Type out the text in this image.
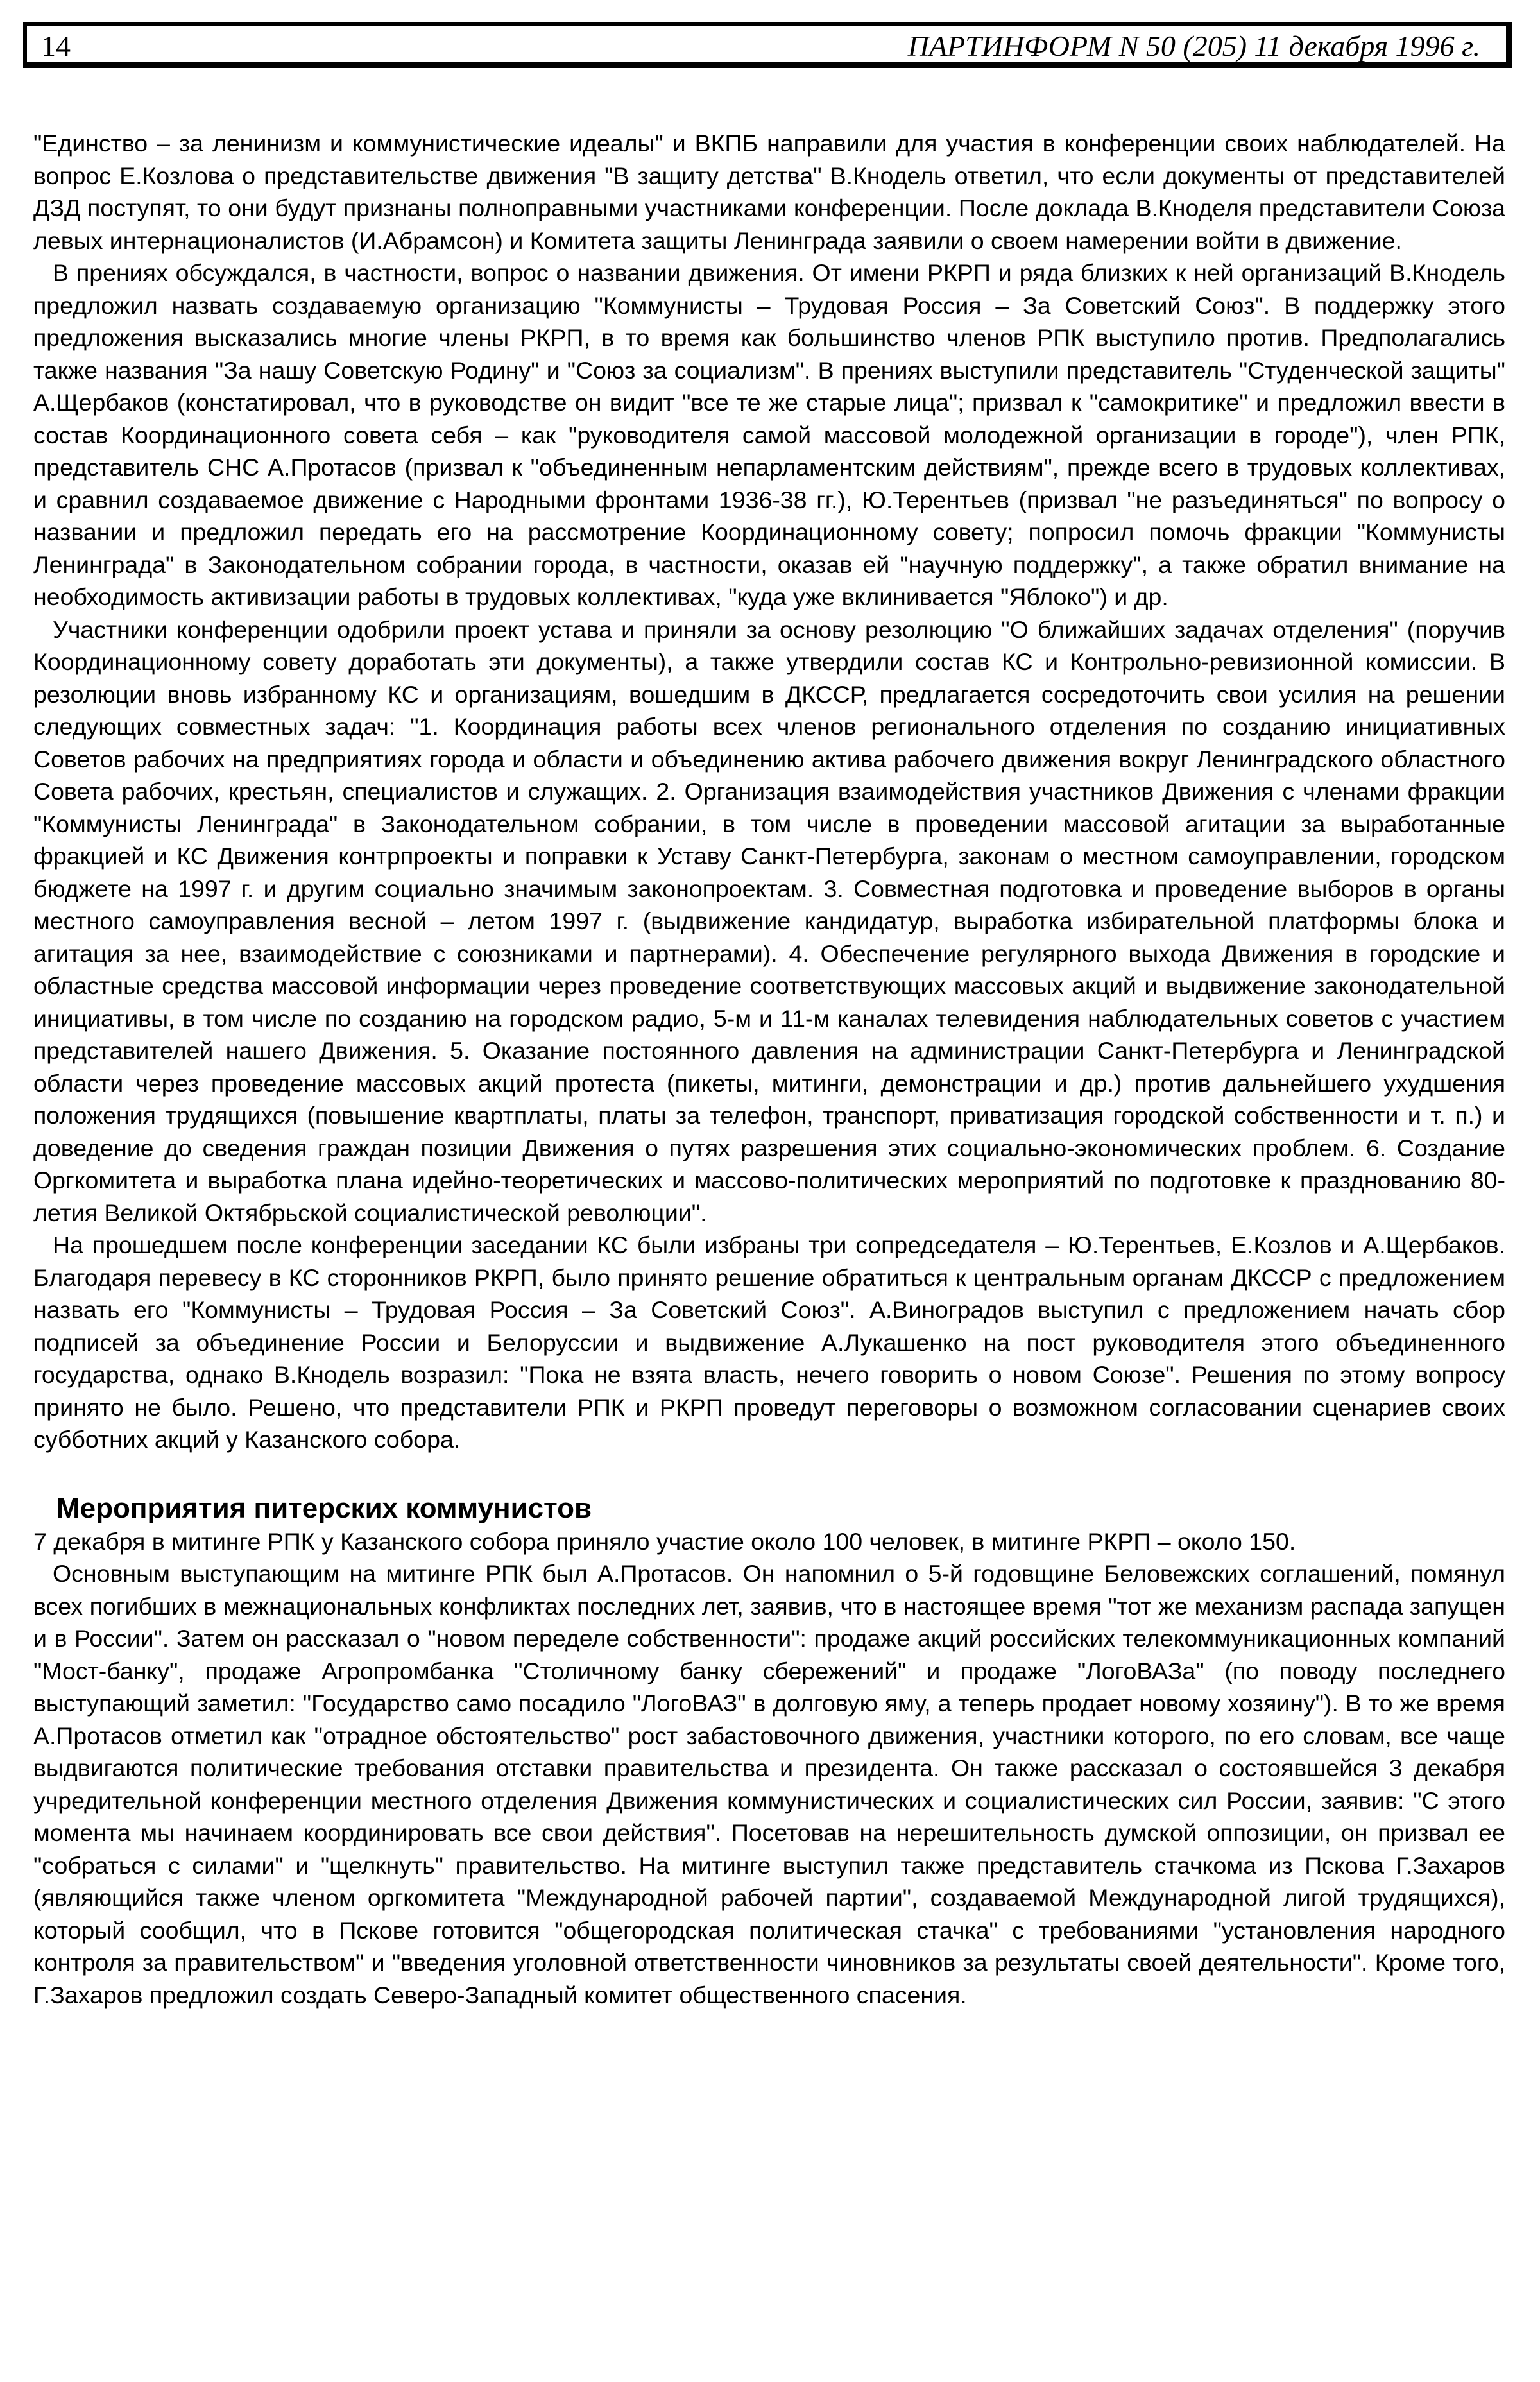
14	ПАРТИНФОРМ N 50 (205) 11 декабря 1996 г.

"Единство – за ленинизм и коммунистические идеалы" и ВКПБ направили для участия в конференции своих наблюдателей. На вопрос Е.Козлова о представительстве движения "В защиту детства" В.Кнодель ответил, что если документы от представителей ДЗД поступят, то они будут признаны полноправными участниками конференции. После доклада В.Кноделя представители Союза левых интернационалистов (И.Абрамсон) и Комитета защиты Ленинграда заявили о своем намерении войти в движение.

В прениях обсуждался, в частности, вопрос о названии движения. От имени РКРП и ряда близких к ней организаций В.Кнодель предложил назвать создаваемую организацию "Коммунисты – Трудовая Россия – За Советский Союз". В поддержку этого предложения высказались многие члены РКРП, в то время как большинство членов РПК выступило против. Предполагались также названия "За нашу Советскую Родину" и "Союз за социализм". В прениях выступили представитель "Студенческой защиты" А.Щербаков (констатировал, что в руководстве он видит "все те же старые лица"; призвал к "самокритике" и предложил ввести в состав Координационного совета себя – как "руководителя самой массовой молодежной организации в городе"), член РПК, представитель СНС А.Протасов (призвал к "объединенным непарламентским действиям", прежде всего в трудовых коллективах, и сравнил создаваемое движение с Народными фронтами 1936-38 гг.), Ю.Терентьев (призвал "не разъединяться" по вопросу о названии и предложил передать его на рассмотрение Координационному совету; попросил помочь фракции "Коммунисты Ленинграда" в Законодательном собрании города, в частности, оказав ей "научную поддержку", а также обратил внимание на необходимость активизации работы в трудовых коллективах, "куда уже вклинивается "Яблоко") и др.

Участники конференции одобрили проект устава и приняли за основу резолюцию "О ближайших задачах отделения" (поручив Координационному совету доработать эти документы), а также утвердили состав КС и Контрольно-ревизионной комиссии. В резолюции вновь избранному КС и организациям, вошедшим в ДКССР, предлагается сосредоточить свои усилия на решении следующих совместных задач: "1. Координация работы всех членов регионального отделения по созданию инициативных Советов рабочих на предприятиях города и области и объединению актива рабочего движения вокруг Ленинградского областного Совета рабочих, крестьян, специалистов и служащих. 2. Организация взаимодействия участников Движения с членами фракции "Коммунисты Ленинграда" в Законодательном собрании, в том числе в проведении массовой агитации за выработанные фракцией и КС Движения контрпроекты и поправки к Уставу Санкт-Петербурга, законам о местном самоуправлении, городском бюджете на 1997 г. и другим социально значимым законопроектам. 3. Совместная подготовка и проведение выборов в органы местного самоуправления весной – летом 1997 г. (выдвижение кандидатур, выработка избирательной платформы блока и агитация за нее, взаимодействие с союзниками и партнерами). 4. Обеспечение регулярного выхода Движения в городские и областные средства массовой информации через проведение соответствующих массовых акций и выдвижение законодательной инициативы, в том числе по созданию на городском радио, 5-м и 11-м каналах телевидения наблюдательных советов с участием представителей нашего Движения. 5. Оказание постоянного давления на администрации Санкт-Петербурга и Ленинградской области через проведение массовых акций протеста (пикеты, митинги, демонстрации и др.) против дальнейшего ухудшения положения трудящихся (повышение квартплаты, платы за телефон, транспорт, приватизация городской собственности и т. п.) и доведение до сведения граждан позиции Движения о путях разрешения этих социально-экономических проблем. 6. Создание Оргкомитета и выработка плана идейно-теоретических и массово-политических мероприятий по подготовке к празднованию 80-летия Великой Октябрьской социалистической революции".

На прошедшем после конференции заседании КС были избраны три сопредседателя – Ю.Терентьев, Е.Козлов и А.Щербаков. Благодаря перевесу в КС сторонников РКРП, было принято решение обратиться к центральным органам ДКССР с предложением назвать его "Коммунисты – Трудовая Россия – За Советский Союз". А.Виноградов выступил с предложением начать сбор подписей за объединение России и Белоруссии и выдвижение А.Лукашенко на пост руководителя этого объединенного государства, однако В.Кнодель возразил: "Пока не взята власть, нечего говорить о новом Союзе". Решения по этому вопросу принято не было. Решено, что представители РПК и РКРП проведут переговоры о возможном согласовании сценариев своих субботних акций у Казанского собора.

Мероприятия питерских коммунистов

7 декабря в митинге РПК у Казанского собора приняло участие около 100 человек, в митинге РКРП – около 150.

Основным выступающим на митинге РПК был А.Протасов. Он напомнил о 5-й годовщине Беловежских соглашений, помянул всех погибших в межнациональных конфликтах последних лет, заявив, что в настоящее время "тот же механизм распада запущен и в России". Затем он рассказал о "новом переделе собственности": продаже акций российских телекоммуникационных компаний "Мост-банку", продаже Агропромбанка "Столичному банку сбережений" и продаже "ЛогоВАЗа" (по поводу последнего выступающий заметил: "Государство само посадило "ЛогоВАЗ" в долговую яму, а теперь продает новому хозяину"). В то же время А.Протасов отметил как "отрадное обстоятельство" рост забастовочного движения, участники которого, по его словам, все чаще выдвигаются политические требования отставки правительства и президента. Он также рассказал о состоявшейся 3 декабря учредительной конференции местного отделения Движения коммунистических и социалистических сил России, заявив: "С этого момента мы начинаем координировать все свои действия". Посетовав на нерешительность думской оппозиции, он призвал ее "собраться с силами" и "щелкнуть" правительство. На митинге выступил также представитель стачкома из Пскова Г.Захаров (являющийся также членом оргкомитета "Международной рабочей партии", создаваемой Международной лигой трудящихся), который сообщил, что в Пскове готовится "общегородская политическая стачка" с требованиями "установления народного контроля за правительством" и "введения уголовной ответственности чиновников за результаты своей деятельности". Кроме того, Г.Захаров предложил создать Северо-Западный комитет общественного спасения.
